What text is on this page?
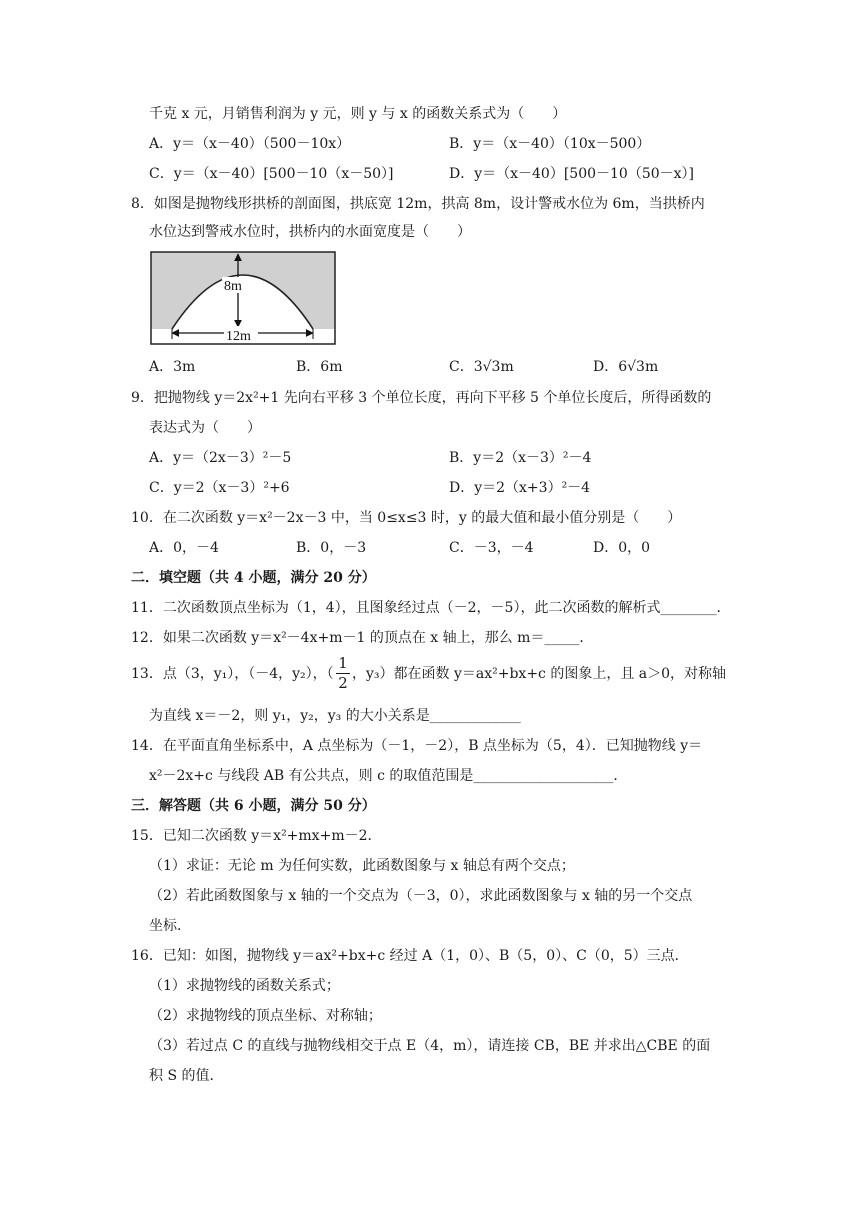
千克 x 元，月销售利润为 y 元，则 y 与 x 的函数关系式为（　　）
A．y＝（x－40）（500－10x）	B．y＝（x－40）（10x－500）
C．y＝（x－40）[500－10（x－50）]	D．y＝（x－40）[500－10（50－x）]
8．如图是抛物线形拱桥的剖面图，拱底宽 12m，拱高 8m，设计警戒水位为 6m，当拱桥内
水位达到警戒水位时，拱桥内的水面宽度是（　　）
8m
12m
A．3m	B．6m	C．3√3m	D．6√3m
9．把抛物线 y＝2x²+1 先向右平移 3 个单位长度，再向下平移 5 个单位长度后，所得函数的
表达式为（　　）
A．y＝（2x－3）²－5	B．y＝2（x－3）²－4
C．y＝2（x－3）²+6	D．y＝2（x+3）²－4
10．在二次函数 y＝x²－2x－3 中，当 0≤x≤3 时，y 的最大值和最小值分别是（　　）
A．0，－4	B．0，－3	C．－3，－4	D．0，0
二．填空题（共 4 小题，满分 20 分）
11．二次函数顶点坐标为（1，4），且图象经过点（－2，－5），此二次函数的解析式________．
12．如果二次函数 y＝x²－4x+m－1 的顶点在 x 轴上，那么 m＝_____．
13．点（3，y₁），（－4，y₂），（ $\frac{1}{2}$ ，y₃）都在函数 y＝ax²+bx+c 的图象上，且 a＞0，对称轴
为直线 x＝－2，则 y₁，y₂，y₃ 的大小关系是_____________
14．在平面直角坐标系中，A 点坐标为（－1，－2），B 点坐标为（5，4）．已知抛物线 y＝
x²－2x+c 与线段 AB 有公共点，则 c 的取值范围是____________________．
三．解答题（共 6 小题，满分 50 分）
15．已知二次函数 y＝x²+mx+m－2．
（1）求证：无论 m 为任何实数，此函数图象与 x 轴总有两个交点；
（2）若此函数图象与 x 轴的一个交点为（－3，0），求此函数图象与 x 轴的另一个交点
坐标．
16．已知：如图，抛物线 y＝ax²+bx+c 经过 A（1，0）、B（5，0）、C（0，5）三点．
（1）求抛物线的函数关系式；
（2）求抛物线的顶点坐标、对称轴；
（3）若过点 C 的直线与抛物线相交于点 E（4，m），请连接 CB，BE 并求出△CBE 的面
积 S 的值．
